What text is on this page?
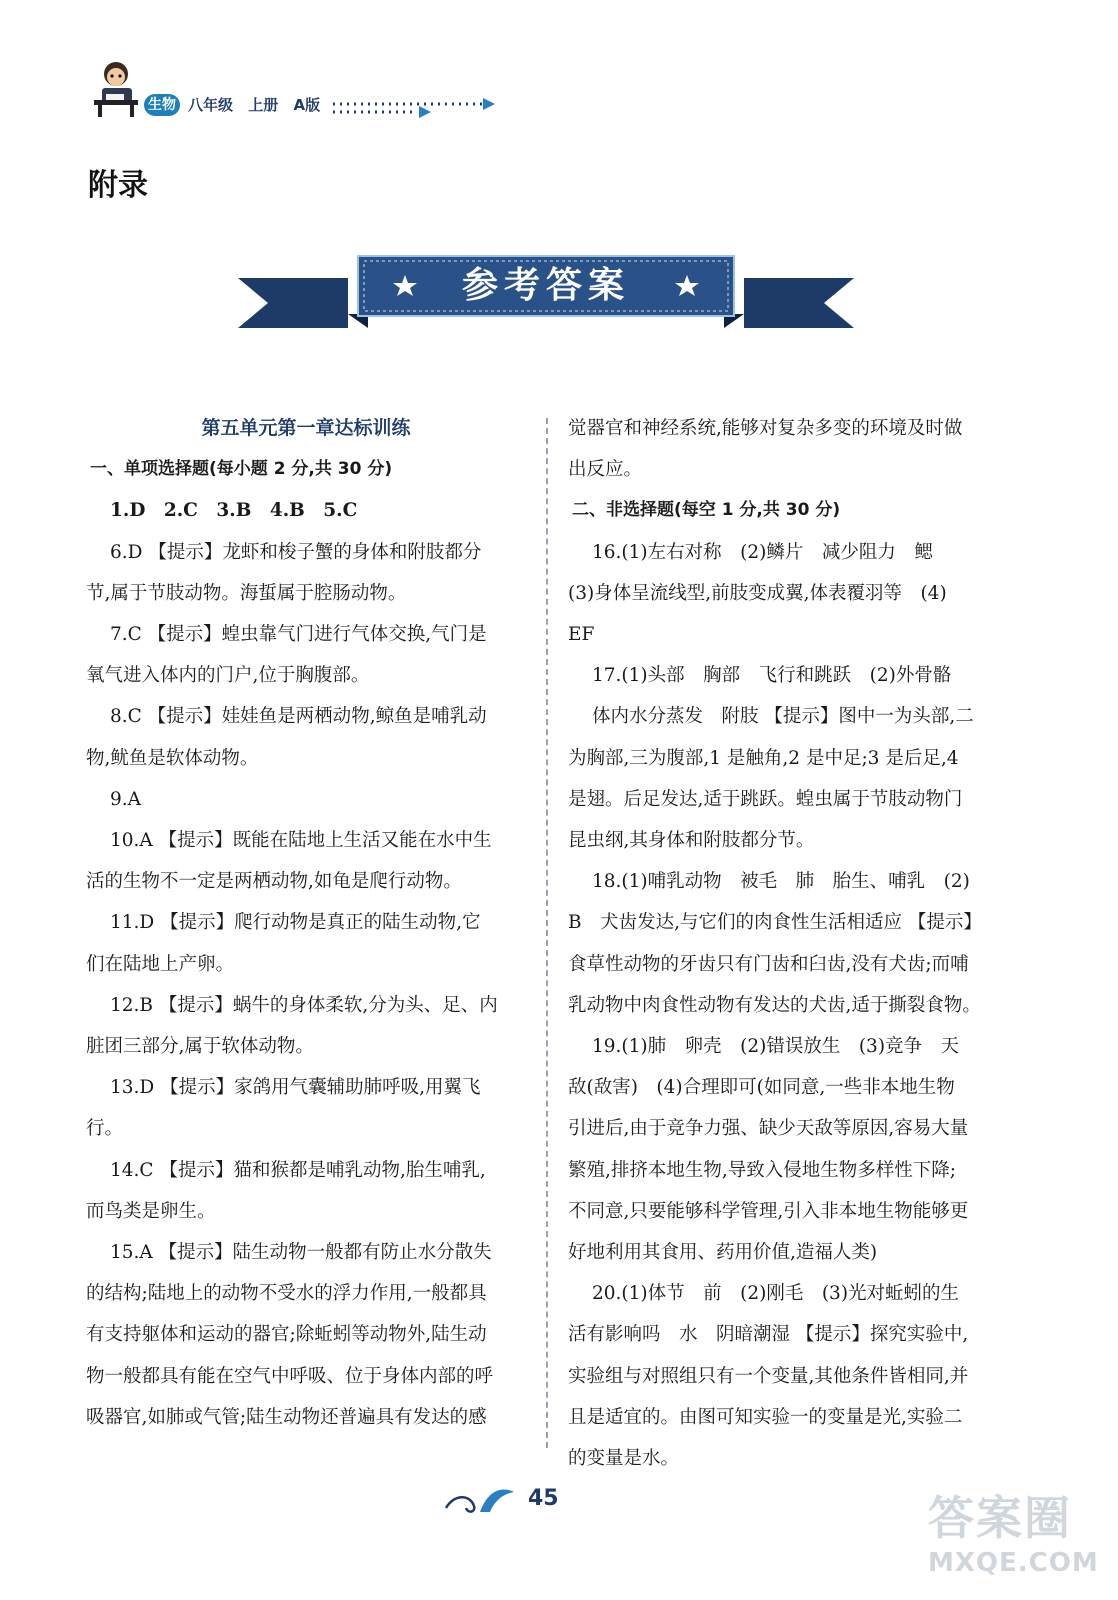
生物 八年级 上册 A版
附录
参考答案

第五单元第一章达标训练

一、单项选择题(每小题 2 分,共 30 分)

1.D　2.C　3.B　4.B　5.C

6.D 【提示】龙虾和梭子蟹的身体和附肢都分

节,属于节肢动物。海蜇属于腔肠动物。

7.C 【提示】蝗虫靠气门进行气体交换,气门是

氧气进入体内的门户,位于胸腹部。

8.C 【提示】娃娃鱼是两栖动物,鲸鱼是哺乳动

物,鱿鱼是软体动物。

9.A

10.A 【提示】既能在陆地上生活又能在水中生

活的生物不一定是两栖动物,如龟是爬行动物。

11.D 【提示】爬行动物是真正的陆生动物,它

们在陆地上产卵。

12.B 【提示】蜗牛的身体柔软,分为头、足、内

脏团三部分,属于软体动物。

13.D 【提示】家鸽用气囊辅助肺呼吸,用翼飞

行。

14.C 【提示】猫和猴都是哺乳动物,胎生哺乳,

而鸟类是卵生。

15.A 【提示】陆生动物一般都有防止水分散失

的结构;陆地上的动物不受水的浮力作用,一般都具

有支持躯体和运动的器官;除蚯蚓等动物外,陆生动

物一般都具有能在空气中呼吸、位于身体内部的呼

吸器官,如肺或气管;陆生动物还普遍具有发达的感

觉器官和神经系统,能够对复杂多变的环境及时做

出反应。

二、非选择题(每空 1 分,共 30 分)

16.(1)左右对称　(2)鳞片　减少阻力　鳃

(3)身体呈流线型,前肢变成翼,体表覆羽等　(4)

EF

17.(1)头部　胸部　飞行和跳跃　(2)外骨骼

体内水分蒸发　附肢 【提示】图中一为头部,二

为胸部,三为腹部,1 是触角,2 是中足;3 是后足,4

是翅。后足发达,适于跳跃。蝗虫属于节肢动物门

昆虫纲,其身体和附肢都分节。

18.(1)哺乳动物　被毛　肺　胎生、哺乳　(2)

B　犬齿发达,与它们的肉食性生活相适应 【提示】

食草性动物的牙齿只有门齿和臼齿,没有犬齿;而哺

乳动物中肉食性动物有发达的犬齿,适于撕裂食物。

19.(1)肺　卵壳　(2)错误放生　(3)竞争　天

敌(敌害)　(4)合理即可(如同意,一些非本地生物

引进后,由于竞争力强、缺少天敌等原因,容易大量

繁殖,排挤本地生物,导致入侵地生物多样性下降;

不同意,只要能够科学管理,引入非本地生物能够更

好地利用其食用、药用价值,造福人类)

20.(1)体节　前　(2)刚毛　(3)光对蚯蚓的生

活有影响吗　水　阴暗潮湿 【提示】探究实验中,

实验组与对照组只有一个变量,其他条件皆相同,并

且是适宜的。由图可知实验一的变量是光,实验二

的变量是水。

45	答案圈
MXQE.COM
